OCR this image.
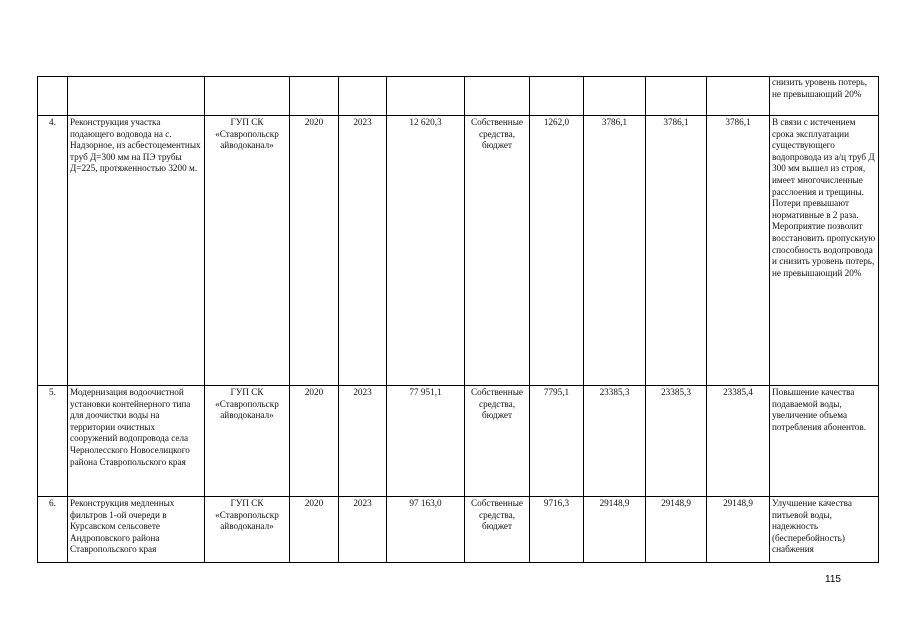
											снизить уровень потерь, не превышающий 20%
4.	Реконструкция участка подающего водовода на с. Надзорное, из асбестоцементных труб Д=300 мм на ПЭ трубы Д=225, протяженностью 3200 м.	ГУП СК «Ставропольскр айводоканал»	2020	2023	12 620,3	Собственные средства, бюджет	1262,0	3786,1	3786,1	3786,1	В связи с истечением срока эксплуатации существующего водопровода из а/ц труб Д 300 мм вышел из строя, имеет многочисленные расслоения и трещины. Потери превышают нормативные в 2 раза. Мероприятие позволит восстановить пропускную способность водопровода и снизить уровень потерь, не превышающий 20%
5.	Модернизация водоочистной установки контейнерного типа для доочистки воды на территории очистных сооружений водопровода села Чернолесского Новоселицкого района Ставропольского края	ГУП СК «Ставропольскр айводоканал»	2020	2023	77 951,1	Собственные средства, бюджет	7795,1	23385,3	23385,3	23385,4	Повышение качества подаваемой воды, увеличение объема потребления абонентов.
6.	Реконструкция медленных фильтров 1-ой очереди в Курсавском сельсовете Андроповского района Ставропольского края	ГУП СК «Ставропольскр айводоканал»	2020	2023	97 163,0	Собственные средства, бюджет	9716,3	29148,9	29148,9	29148,9	Улучшение качества питьевой воды, надежность (бесперебойность) снабжения
115
